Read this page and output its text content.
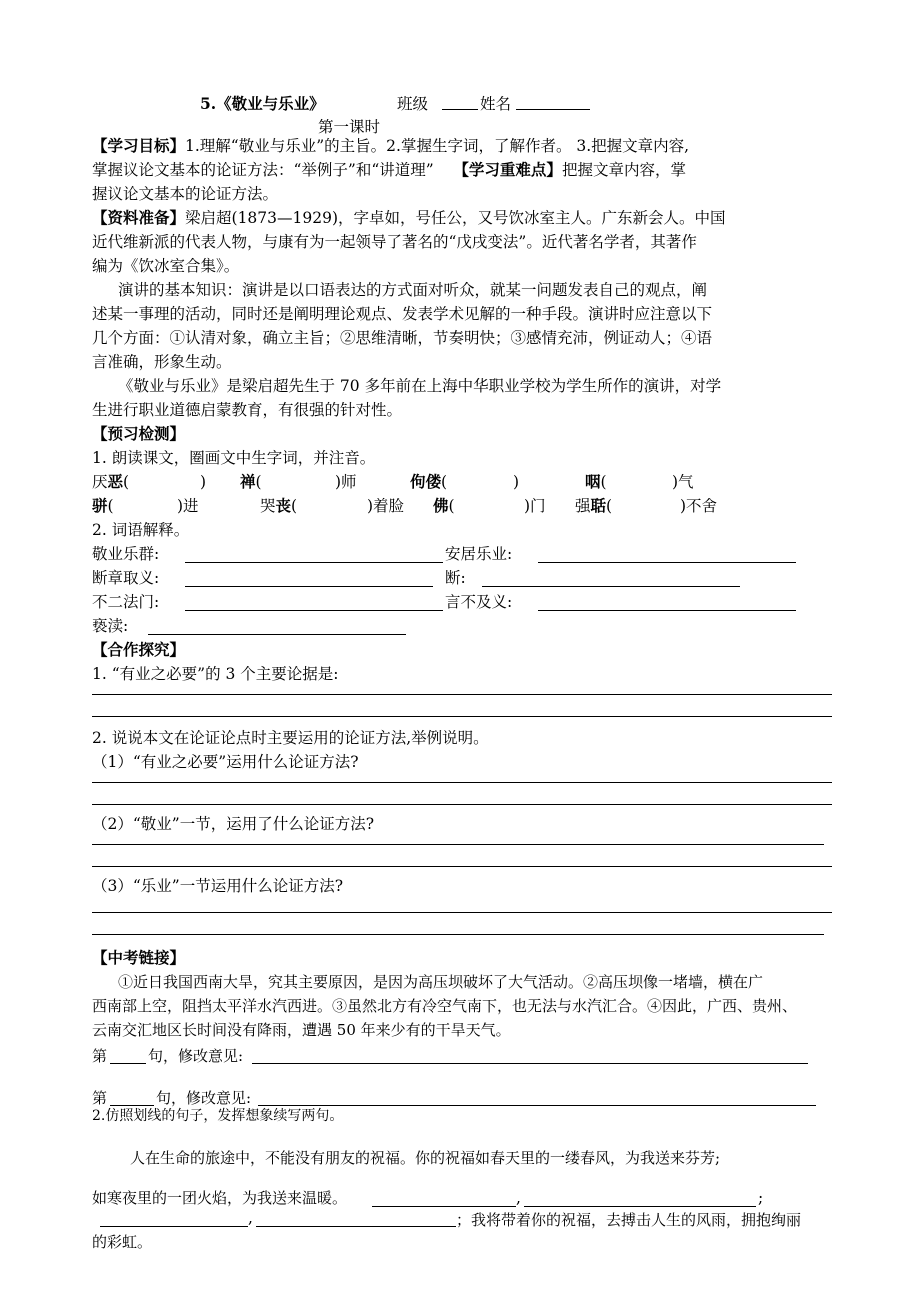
5.《敬业与乐业》	班级	姓名
第一课时
【学习目标】1.理解“敬业与乐业”的主旨。2.掌握生字词，了解作者。 3.把握文章内容,
掌握议论文基本的论证方法：“举例子”和“讲道理” 【学习重难点】把握文章内容，掌
握议论文基本的论证方法。
【资料准备】梁启超(1873—1929)，字卓如，号任公，又号饮冰室主人。广东新会人。中国
近代维新派的代表人物，与康有为一起领导了著名的“戊戌变法”。近代著名学者，其著作
编为《饮冰室合集》。
演讲的基本知识：演讲是以口语表达的方式面对听众，就某一问题发表自己的观点，阐
述某一事理的活动，同时还是阐明理论观点、发表学术见解的一种手段。演讲时应注意以下
几个方面：①认清对象，确立主旨；②思维清晰，节奏明快；③感情充沛，例证动人；④语
言准确，形象生动。
《敬业与乐业》是梁启超先生于 70 多年前在上海中华职业学校为学生所作的演讲，对学
生进行职业道德启蒙教育，有很强的针对性。
【预习检测】
1. 朗读课文，圈画文中生字词，并注音。
厌恶(	) 禅(	)师	佝偻(	)	咽(	)气
骈(	)进	哭丧(	)着脸 佛(	)门 强聒(	)不舍
2. 词语解释。
敬业乐群:	安居乐业:
断章取义:	断:
不二法门:	言不及义:
亵渎:
【合作探究】
1. “有业之必要”的 3 个主要论据是:
2. 说说本文在论证论点时主要运用的论证方法,举例说明。
（1）“有业之必要”运用什么论证方法?
（2）“敬业”一节，运用了什么论证方法?
（3）“乐业”一节运用什么论证方法?
【中考链接】
①近日我国西南大旱，究其主要原因，是因为高压坝破坏了大气活动。②高压坝像一堵墙，横在广
西南部上空，阻挡太平洋水汽西进。③虽然北方有冷空气南下，也无法与水汽汇合。④因此，广西、贵州、
云南交汇地区长时间没有降雨，遭遇 50 年来少有的干旱天气。
第	句，修改意见:
第	句，修改意见:
2.仿照划线的句子，发挥想象续写两句。
人在生命的旅途中，不能没有朋友的祝福。你的祝福如春天里的一缕春风，为我送来芬芳;
如寒夜里的一团火焰，为我送来温暖。	,	;
,	；我将带着你的祝福，去搏击人生的风雨，拥抱绚丽
的彩虹。
